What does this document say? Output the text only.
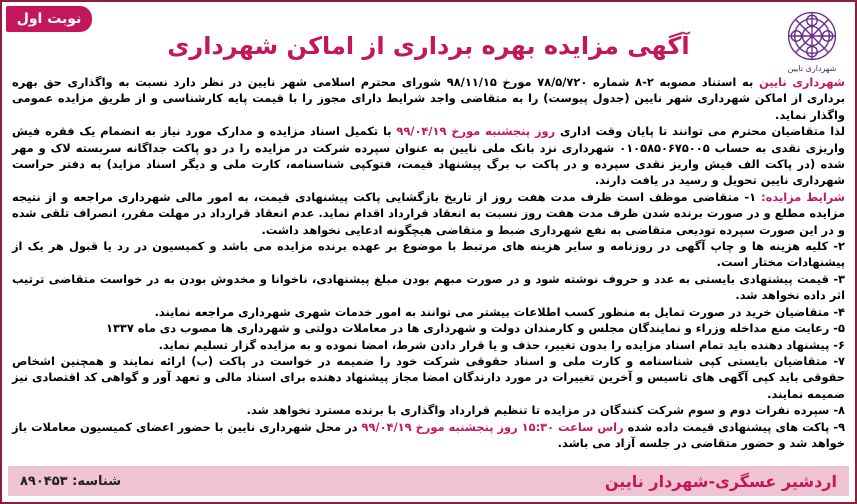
نوبت اول
شهرداری نایین
آگهی مزایده بهره برداری از اماکن شهرداری

شهرداری نایین به استناد مصوبه ۲-۸ شماره ۷۸/۵/۷۲۰ مورخ ۹۸/۱۱/۱۵ شورای محترم اسلامی شهر نایین در نظر دارد نسبت به واگذاری حق بهره برداری از اماکن شهرداری شهر نایین (جدول پیوست) را به متقاضی واجد شرایط دارای مجوز را با قیمت پایه کارشناسی و از طریق مزایده عمومی واگذار نماید.

لذا متقاضیان محترم می توانند تا پایان وقت اداری روز پنجشنبه مورخ ۹۹/۰۴/۱۹ با تکمیل اسناد مزایده و مدارک مورد نیاز به انضمام یک فقره فیش واریزی نقدی به حساب ۰۱۰۵۸۵۰۶۷۵۰۰۵ شهرداری نزد بانک ملی نایین به عنوان سپرده شرکت در مزایده را در دو پاکت جداگانه سربسته لاک و مهر شده (در پاکت الف فیش واریز نقدی سپرده و در پاکت ب برگ پیشنهاد قیمت، فتوکپی شناسنامه، کارت ملی و دیگر اسناد مزاید) به دفتر حراست شهرداری نایین تحویل و رسید در یافت دارند.

شرایط مزایده: ۱- متقاضی موظف است ظرف مدت هفت روز از تاریخ بازگشایی پاکت پیشنهادی قیمت، به امور مالی شهرداری مراجعه و از نتیجه مزایده مطلع و در صورت برنده شدن ظرف مدت هفت روز نسبت به انعقاد قرارداد اقدام نماید. عدم انعقاد قرارداد در مهلت مقرر، انصراف تلقی شده و در این صورت سپرده تودیعی متقاضی به نفع شهرداری ضبط و متقاضی هیچگونه ادعایی نخواهد داشت.

۲- کلیه هزینه ها و چاپ آگهی در روزنامه و سایر هزینه های مرتبط با موضوع بر عهده برنده مزایده می باشد و کمیسیون در رد یا قبول هر یک از پیشنهادات مختار است.

۳- قیمت پیشنهادی بایستی به عدد و حروف نوشته شود و در صورت مبهم بودن مبلغ پیشنهادی، ناخوانا و مخدوش بودن به در خواست متقاضی ترتیب اثر داده نخواهد شد.

۴- متقاضیان خرید در صورت تمایل به منظور کسب اطلاعات بیشتر می توانند به امور خدمات شهری شهرداری مراجعه نمایند.

۵- رعایت منع مداخله وزراء و نمایندگان مجلس و کارمندان دولت و شهرداری ها در معاملات دولتی و شهرداری ها مصوب دی ماه ۱۳۳۷

۶- پیشنهاد دهنده باید تمام اسناد مزایده را بدون تغییر، حذف و یا قرار دادن شرط، امضا نموده و به مزایده گزار تسلیم نماید.

۷- متقاضیان بایستی کپی شناسنامه و کارت ملی و اسناد حقوقی شرکت خود را ضمیمه در خواست در پاکت (ب) ارائه نمایند و همچنین اشخاص حقوقی باید کپی آگهی های تاسیس و آخرین تغییرات در مورد دارندگان امضا مجاز پیشنهاد دهنده برای اسناد مالی و تعهد آور و گواهی کد اقتصادی نیز ضمیمه نمایند.

۸- سپرده نفرات دوم و سوم شرکت کنندگان در مزایده تا تنظیم قرارداد واگذاری با برنده مسترد نخواهد شد.

۹- پاکت های پیشنهادی قیمت داده شده راس ساعت ۱۵:۳۰ روز پنجشنبه مورخ ۹۹/۰۴/۱۹ در محل شهرداری نایین با حضور اعضای کمیسیون معاملات باز خواهد شد و حضور متقاضی در جلسه آزاد می باشد.

اردشیر عسگری-شهردار نایین
شناسه: ۸۹۰۴۵۳
